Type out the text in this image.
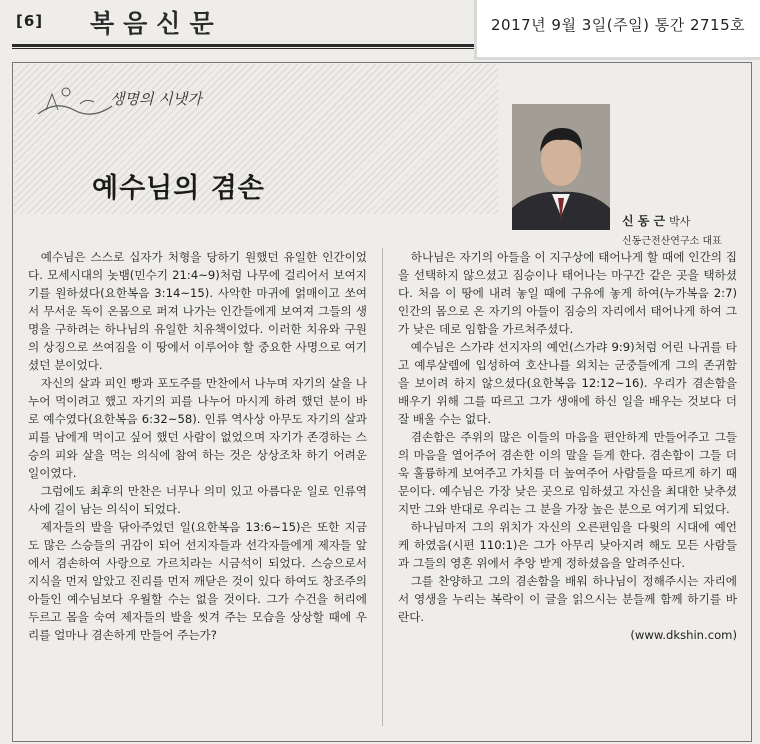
[6] 복음신문	2017년 9월 3일(주일) 통간 2715호
생명의 시냇가
예수님의 겸손
신 동 근 박사
신동근전산연구소 대표

예수님은 스스로 십자가 처형을 당하기 원했던 유일한 인간이었다. 모세시대의 놋뱀(민수기 21:4~9)처럼 나무에 걸리어서 보여지기를 원하셨다(요한복음 3:14~15). 사악한 마귀에 얽매이고 쏘여서 무서운 독이 온몸으로 퍼져 나가는 인간들에게 보여져 그들의 생명을 구하려는 하나님의 유일한 치유책이었다. 이러한 치유와 구원의 상징으로 쓰여짐을 이 땅에서 이루어야 할 중요한 사명으로 여기셨던 분이었다.

자신의 살과 피인 빵과 포도주를 만찬에서 나누며 자기의 살을 나누어 먹이려고 했고 자기의 피를 나누어 마시게 하려 했던 분이 바로 예수였다(요한복음 6:32~58). 인류 역사상 아무도 자기의 살과 피를 남에게 먹이고 싶어 했던 사람이 없었으며 자기가 존경하는 스승의 피와 살을 먹는 의식에 참여 하는 것은 상상조차 하기 어려운 일이였다.

그럼에도 최후의 만찬은 너무나 의미 있고 아름다운 일로 인류역사에 길이 남는 의식이 되었다.

제자들의 발을 닦아주었던 일(요한복음 13:6~15)은 또한 지금도 많은 스승들의 귀감이 되어 선지자들과 선각자들에게 제자들 앞에서 겸손하여 사랑으로 가르치라는 시금석이 되었다. 스승으로서 지식을 먼저 알았고 진리를 먼저 깨닫은 것이 있다 하여도 창조주의 아들인 예수님보다 우월할 수는 없을 것이다. 그가 수건을 허리에 두르고 몸을 숙여 제자들의 발을 씻겨 주는 모습을 상상할 때에 우리를 얼마나 겸손하게 만들어 주는가?

하나님은 자기의 아들을 이 지구상에 태어나게 할 때에 인간의 집을 선택하지 않으셨고 짐승이나 태어나는 마구간 같은 곳을 택하셨다. 처음 이 땅에 내려 놓일 때에 구유에 놓게 하여(누가복음 2:7) 인간의 몸으로 온 자기의 아들이 짐승의 자리에서 태어나게 하여 그가 낮은 데로 임함을 가르쳐주셨다.

예수님은 스가랴 선지자의 예언(스가랴 9:9)처럼 어린 나귀를 타고 예루살렘에 입성하여 호산나를 외치는 군중들에게 그의 존귀함을 보이려 하지 않으셨다(요한복음 12:12~16). 우리가 겸손함을 배우기 위해 그를 따르고 그가 생애에 하신 일을 배우는 것보다 더 잘 배울 수는 없다.

겸손함은 주위의 많은 이들의 마음을 편안하게 만들어주고 그들의 마음을 열어주어 겸손한 이의 말을 듣게 한다. 겸손함이 그들 더욱 훌륭하게 보여주고 가치를 더 높여주어 사람들을 따르게 하기 때문이다. 예수님은 가장 낮은 곳으로 임하셨고 자신을 최대한 낮추셨지만 그와 반대로 우리는 그 분을 가장 높은 분으로 여기게 되었다.

하나님마저 그의 위치가 자신의 오른편임을 다윗의 시대에 예언케 하였음(시편 110:1)은 그가 아무리 낮아지려 해도 모든 사람들과 그들의 영혼 위에서 추앙 받게 정하셨음을 알려주신다.

그를 찬양하고 그의 겸손함을 배워 하나님이 정해주시는 자리에서 영생을 누리는 복락이 이 글을 읽으시는 분들께 함께 하기를 바란다.

(www.dkshin.com)
